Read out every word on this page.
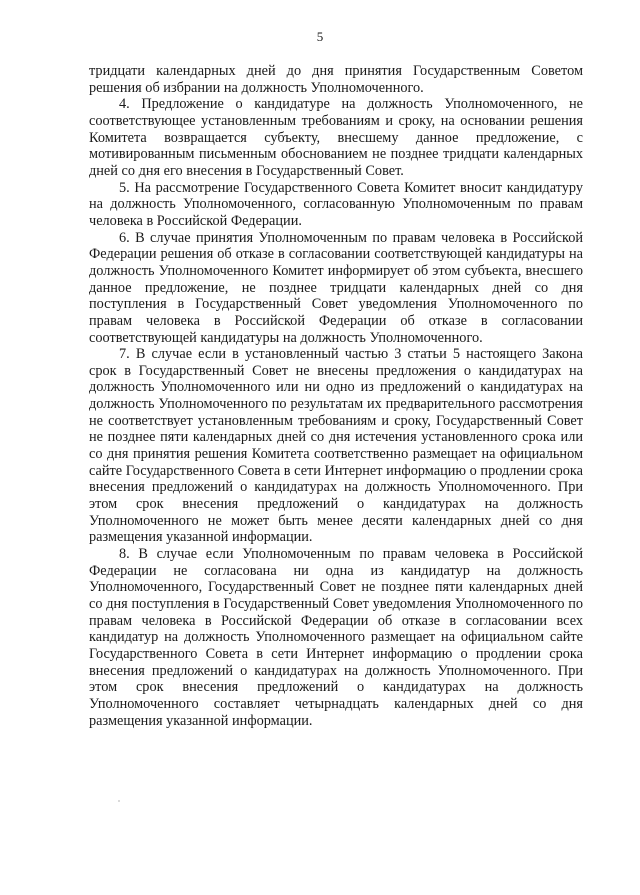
5

тридцати календарных дней до дня принятия Государственным Советом решения об избрании на должность Уполномоченного.

4. Предложение о кандидатуре на должность Уполномоченного, не соответствующее установленным требованиям и сроку, на основании решения Комитета возвращается субъекту, внесшему данное предложение, с мотивированным письменным обоснованием не позднее тридцати календарных дней со дня его внесения в Государственный Совет.

5. На рассмотрение Государственного Совета Комитет вносит кандидатуру на должность Уполномоченного, согласованную Уполномоченным по правам человека в Российской Федерации.

6. В случае принятия Уполномоченным по правам человека в Российской Федерации решения об отказе в согласовании соответствующей кандидатуры на должность Уполномоченного Комитет информирует об этом субъекта, внесшего данное предложение, не позднее тридцати календарных дней со дня поступления в Государственный Совет уведомления Уполномоченного по правам человека в Российской Федерации об отказе в согласовании соответствующей кандидатуры на должность Уполномоченного.

7. В случае если в установленный частью 3 статьи 5 настоящего Закона срок в Государственный Совет не внесены предложения о кандидатурах на должность Уполномоченного или ни одно из предложений о кандидатурах на должность Уполномоченного по результатам их предварительного рассмотрения не соответствует установленным требованиям и сроку, Государственный Совет не позднее пяти календарных дней со дня истечения установленного срока или со дня принятия решения Комитета соответственно размещает на официальном сайте Государственного Совета в сети Интернет информацию о продлении срока внесения предложений о кандидатурах на должность Уполномоченного. При этом срок внесения предложений о кандидатурах на должность Уполномоченного не может быть менее десяти календарных дней со дня размещения указанной информации.

8. В случае если Уполномоченным по правам человека в Российской Федерации не согласована ни одна из кандидатур на должность Уполномоченного, Государственный Совет не позднее пяти календарных дней со дня поступления в Государственный Совет уведомления Уполномоченного по правам человека в Российской Федерации об отказе в согласовании всех кандидатур на должность Уполномоченного размещает на официальном сайте Государственного Совета в сети Интернет информацию о продлении срока внесения предложений о кандидатурах на должность Уполномоченного. При этом срок внесения предложений о кандидатурах на должность Уполномоченного составляет четырнадцать календарных дней со дня размещения указанной информации.
